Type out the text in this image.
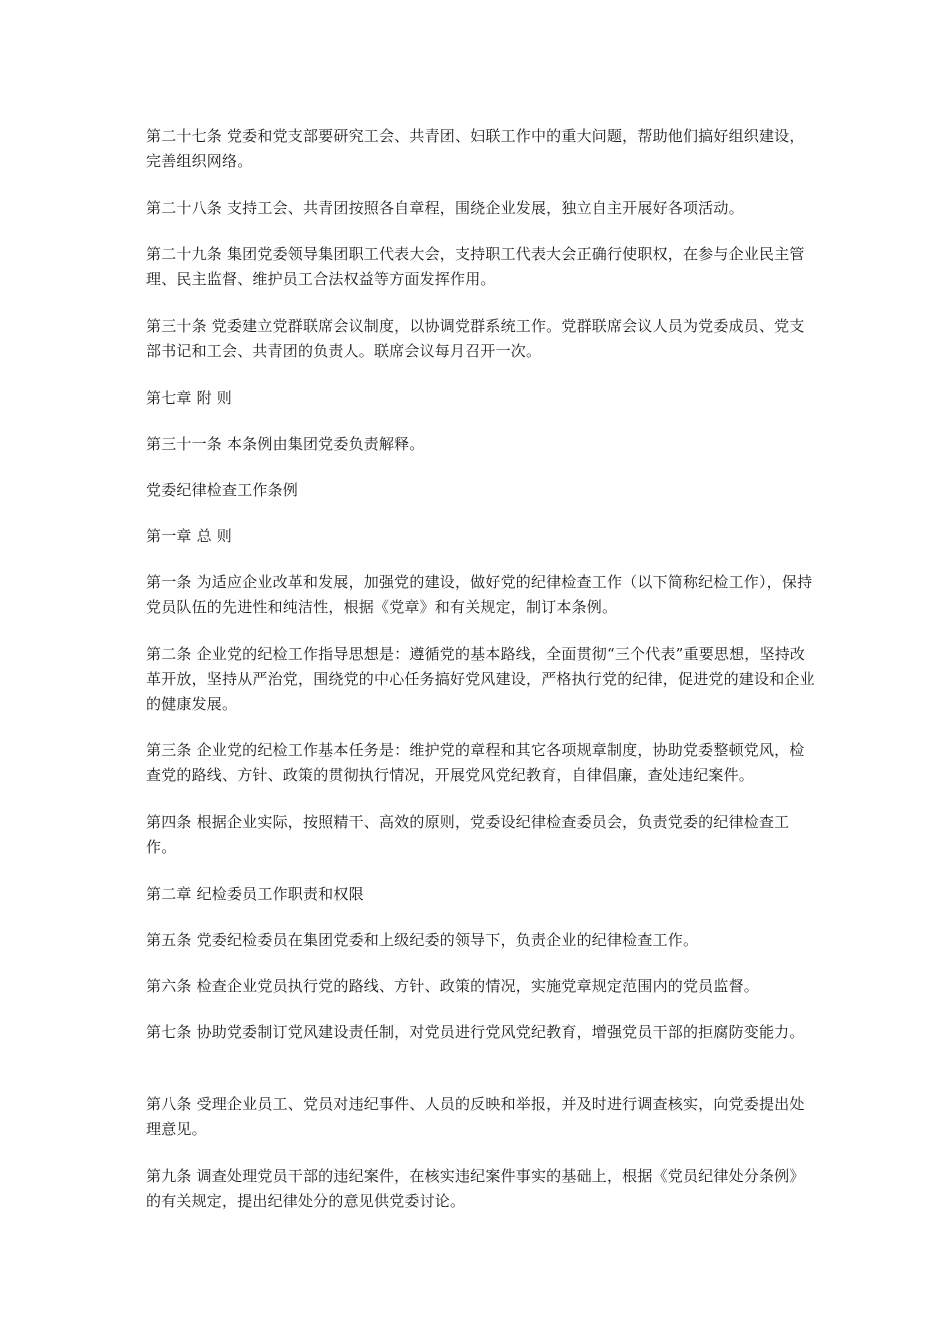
第二十七条 党委和党支部要研究工会、共青团、妇联工作中的重大问题，帮助他们搞好组织建设，完善组织网络。

第二十八条 支持工会、共青团按照各自章程，围绕企业发展，独立自主开展好各项活动。

第二十九条 集团党委领导集团职工代表大会，支持职工代表大会正确行使职权，在参与企业民主管理、民主监督、维护员工合法权益等方面发挥作用。

第三十条 党委建立党群联席会议制度，以协调党群系统工作。党群联席会议人员为党委成员、党支部书记和工会、共青团的负责人。联席会议每月召开一次。

第七章 附 则

第三十一条 本条例由集团党委负责解释。

党委纪律检查工作条例

第一章 总 则

第一条 为适应企业改革和发展，加强党的建设，做好党的纪律检查工作（以下简称纪检工作），保持党员队伍的先进性和纯洁性，根据《党章》和有关规定，制订本条例。

第二条 企业党的纪检工作指导思想是：遵循党的基本路线，全面贯彻“三个代表”重要思想，坚持改革开放，坚持从严治党，围绕党的中心任务搞好党风建设，严格执行党的纪律，促进党的建设和企业的健康发展。

第三条 企业党的纪检工作基本任务是：维护党的章程和其它各项规章制度，协助党委整顿党风，检查党的路线、方针、政策的贯彻执行情况，开展党风党纪教育，自律倡廉，查处违纪案件。

第四条 根据企业实际，按照精干、高效的原则，党委设纪律检查委员会，负责党委的纪律检查工作。

第二章 纪检委员工作职责和权限

第五条 党委纪检委员在集团党委和上级纪委的领导下，负责企业的纪律检查工作。

第六条 检查企业党员执行党的路线、方针、政策的情况，实施党章规定范围内的党员监督。

第七条 协助党委制订党风建设责任制，对党员进行党风党纪教育，增强党员干部的拒腐防变能力。

第八条 受理企业员工、党员对违纪事件、人员的反映和举报，并及时进行调查核实，向党委提出处理意见。

第九条 调查处理党员干部的违纪案件，在核实违纪案件事实的基础上，根据《党员纪律处分条例》的有关规定，提出纪律处分的意见供党委讨论。
